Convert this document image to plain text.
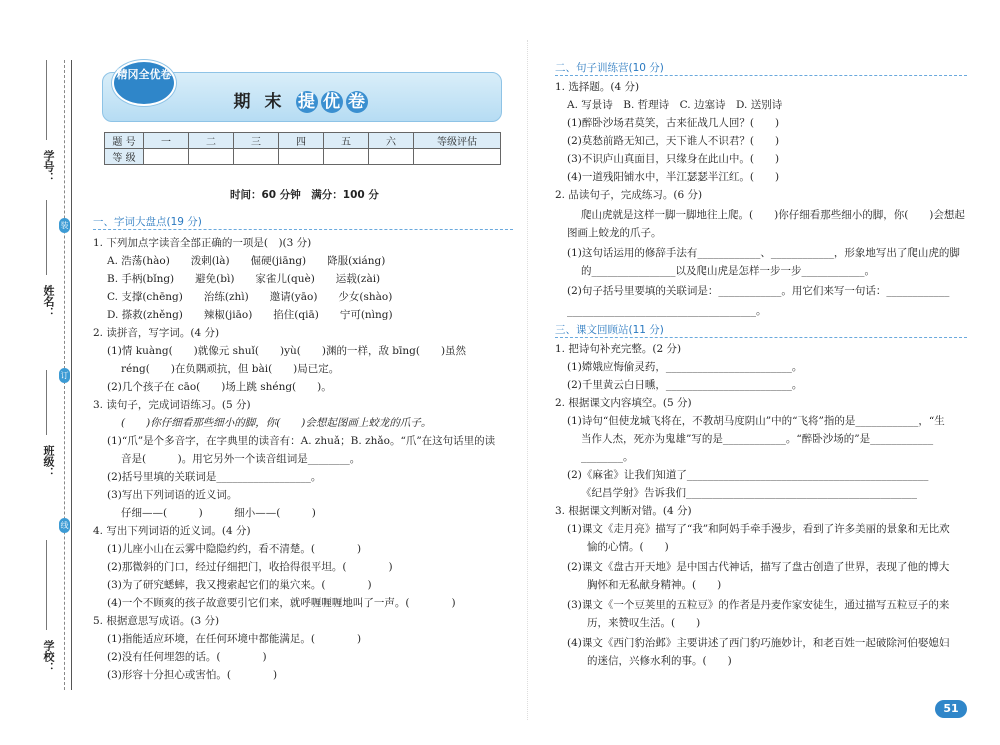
学号：
姓名：
班级：
学校：
装
订
线
期末 提 优 卷
精冈全优卷
题 号	一	二	三	四	五	六	等级评估
等 级							
时间：60 分钟　满分：100 分
一、字词大盘点(19 分)
1. 下列加点字读音全部正确的一项是(　)(3 分)
A. 浩荡(hào)　　泼剌(là)　　倔硬(jiāng)　　降服(xiáng)
B. 手柄(bǐng)　　避免(bì)　　家雀儿(què)　　运载(zài)
C. 支撑(chēng)　　治练(zhì)　　邀请(yāo)　　少女(shào)
D. 搽救(zhěng)　　辣椒(jiāo)　　掐住(qiā)　　宁可(nìng)
2. 读拼音，写字词。(4 分)
(1)情 kuàng(　　)就像元 shuǐ(　　)yù(　　)渊的一样，敌 bīng(　　)虽然
réng(　　)在负隅顽抗，但 bài(　　)局已定。
(2)几个孩子在 cāo(　　)场上跳 shéng(　　)。
3. 读句子，完成词语练习。(5 分)
(　　)你仔细看那些细小的脚，你(　　)会想起图画上蛟龙的爪子。
(1)“爪”是个多音字，在字典里的读音有：A. zhuǎ；B. zhǎo。“爪”在这句话里的读
音是(　　　)。用它另外一个读音组词是________。
(2)括号里填的关联词是__________________。
(3)写出下列词语的近义词。
仔细——(　　　)　　　细小——(　　　)
4. 写出下列词语的近义词。(4 分)
(1)儿座小山在云雾中隐隐约约，看不清楚。(　　　　)
(2)那微斜的门口，经过仔细把门，收拾得很平坦。(　　　　)
(3)为了研究蟋蟀，我又搜索起它们的巢穴来。(　　　　)
(4)一个不顾爽的孩子故意要引它们来，就呼喱喱喱地叫了一声。(　　　　)
5. 根据意思写成语。(3 分)
(1)指能适应环境，在任何环境中都能满足。(　　　　)
(2)没有任何埋怨的话。(　　　　)
(3)形容十分担心或害怕。(　　　　)
二、句子训练营(10 分)
1. 选择题。(4 分)
A. 写景诗　B. 哲理诗　C. 边塞诗　D. 送别诗
(1)醉卧沙场君莫笑，古来征战几人回？(　　)
(2)莫愁前路无知己，天下谁人不识君？(　　)
(3)不识庐山真面目，只缘身在此山中。(　　)
(4)一道残阳铺水中，半江瑟瑟半江红。(　　)
2. 品读句子，完成练习。(6 分)
爬山虎就是这样一脚一脚地往上爬。(　　)你仔细看那些细小的脚，你(　　)会想起图画上蛟龙的爪子。
(1)这句话运用的修辞手法有____________、____________，形象地写出了爬山虎的脚
的________________以及爬山虎是怎样一步一步____________。
(2)句子括号里要填的关联词是：____________。用它们来写一句话：____________
____________________________________。
三、课文回顾站(11 分)
1. 把诗句补充完整。(2 分)
(1)嫦娥应悔偷灵药，________________________。
(2)千里黄云白日曛，________________________。
2. 根据课文内容填空。(5 分)
(1)诗句“但使龙城飞将在，不教胡马度阴山”中的“飞将”指的是____________，“生
当作人杰，死亦为鬼雄”写的是____________。“醉卧沙场的”是____________
________。
(2)《麻雀》让我们知道了______________________________________________
《纪昌学射》告诉我们____________________________________________
3. 根据课文判断对错。(4 分)
(1)课文《走月亮》描写了“我”和阿妈手牵手漫步，看到了许多美丽的景象和无比欢
愉的心情。(　　)
(2)课文《盘古开天地》是中国古代神话，描写了盘古创造了世界，表现了他的博大
胸怀和无私献身精神。(　　)
(3)课文《一个豆荚里的五粒豆》的作者是丹麦作家安徒生，通过描写五粒豆子的来
历，来赞叹生活。(　　)
(4)课文《西门豹治邺》主要讲述了西门豹巧施妙计，和老百姓一起破除河伯娶媳妇
的迷信，兴修水利的事。(　　)
51
